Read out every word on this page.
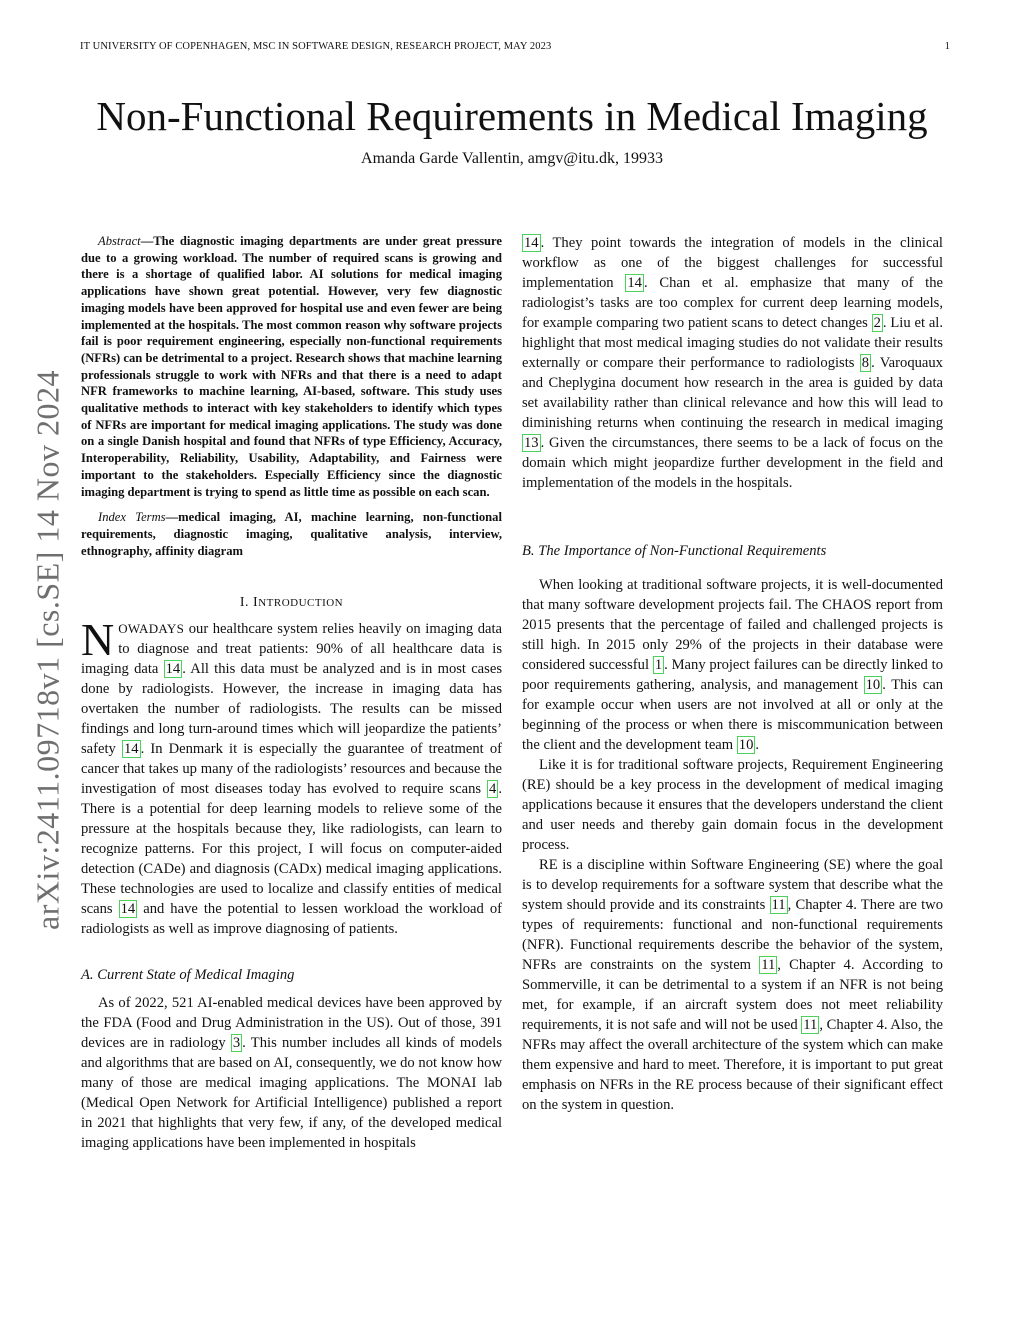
IT UNIVERSITY OF COPENHAGEN, MSC IN SOFTWARE DESIGN, RESEARCH PROJECT, MAY 2023	1
Non-Functional Requirements in Medical Imaging
Amanda Garde Vallentin, amgv@itu.dk, 19933
arXiv:2411.09718v1 [cs.SE] 14 Nov 2024

Abstract—The diagnostic imaging departments are under great pressure due to a growing workload. The number of required scans is growing and there is a shortage of qualified labor. AI solutions for medical imaging applications have shown great potential. However, very few diagnostic imaging models have been approved for hospital use and even fewer are being implemented at the hospitals. The most common reason why software projects fail is poor requirement engineering, especially non-functional requirements (NFRs) can be detrimental to a project. Research shows that machine learning professionals struggle to work with NFRs and that there is a need to adapt NFR frameworks to machine learning, AI-based, software. This study uses qualitative methods to interact with key stakeholders to identify which types of NFRs are important for medical imaging applications. The study was done on a single Danish hospital and found that NFRs of type Efficiency, Accuracy, Interoperability, Reliability, Usability, Adaptability, and Fairness were important to the stakeholders. Especially Efficiency since the diagnostic imaging department is trying to spend as little time as possible on each scan.

Index Terms—medical imaging, AI, machine learning, non-functional requirements, diagnostic imaging, qualitative analysis, interview, ethnography, affinity diagram

I. INTRODUCTION

NOWADAYS our healthcare system relies heavily on imaging data to diagnose and treat patients: 90% of all healthcare data is imaging data 14 . All this data must be analyzed and is in most cases done by radiologists. However, the increase in imaging data has overtaken the number of radiologists. The results can be missed findings and long turn-around times which will jeopardize the patients’ safety 14 . In Denmark it is especially the guarantee of treatment of cancer that takes up many of the radiologists’ resources and because the investigation of most diseases today has evolved to require scans 4 . There is a potential for deep learning models to relieve some of the pressure at the hospitals because they, like radiologists, can learn to recognize patterns. For this project, I will focus on computer-aided detection (CADe) and diagnosis (CADx) medical imaging applications. These technologies are used to localize and classify entities of medical scans 14 and have the potential to lessen workload the workload of radiologists as well as improve diagnosing of patients.

A. Current State of Medical Imaging

As of 2022, 521 AI-enabled medical devices have been approved by the FDA (Food and Drug Administration in the US). Out of those, 391 devices are in radiology 3 . This number includes all kinds of models and algorithms that are based on AI, consequently, we do not know how many of those are medical imaging applications. The MONAI lab (Medical Open Network for Artificial Intelligence) published a report in 2021 that highlights that very few, if any, of the developed medical imaging applications have been implemented in hospitals

14 . They point towards the integration of models in the clinical workflow as one of the biggest challenges for successful implementation 14 . Chan et al. emphasize that many of the radiologist’s tasks are too complex for current deep learning models, for example comparing two patient scans to detect changes 2 . Liu et al. highlight that most medical imaging studies do not validate their results externally or compare their performance to radiologists 8 . Varoquaux and Cheplygina document how research in the area is guided by data set availability rather than clinical relevance and how this will lead to diminishing returns when continuing the research in medical imaging 13 . Given the circumstances, there seems to be a lack of focus on the domain which might jeopardize further development in the field and implementation of the models in the hospitals.

B. The Importance of Non-Functional Requirements

When looking at traditional software projects, it is well-documented that many software development projects fail. The CHAOS report from 2015 presents that the percentage of failed and challenged projects is still high. In 2015 only 29% of the projects in their database were considered successful 1 . Many project failures can be directly linked to poor requirements gathering, analysis, and management 10 . This can for example occur when users are not involved at all or only at the beginning of the process or when there is miscommunication between the client and the development team 10 .

Like it is for traditional software projects, Requirement Engineering (RE) should be a key process in the development of medical imaging applications because it ensures that the developers understand the client and user needs and thereby gain domain focus in the development process.

RE is a discipline within Software Engineering (SE) where the goal is to develop requirements for a software system that describe what the system should provide and its constraints 11 , Chapter 4. There are two types of requirements: functional and non-functional requirements (NFR). Functional requirements describe the behavior of the system, NFRs are constraints on the system 11 , Chapter 4. According to Sommerville, it can be detrimental to a system if an NFR is not being met, for example, if an aircraft system does not meet reliability requirements, it is not safe and will not be used 11 , Chapter 4. Also, the NFRs may affect the overall architecture of the system which can make them expensive and hard to meet. Therefore, it is important to put great emphasis on NFRs in the RE process because of their significant effect on the system in question.
